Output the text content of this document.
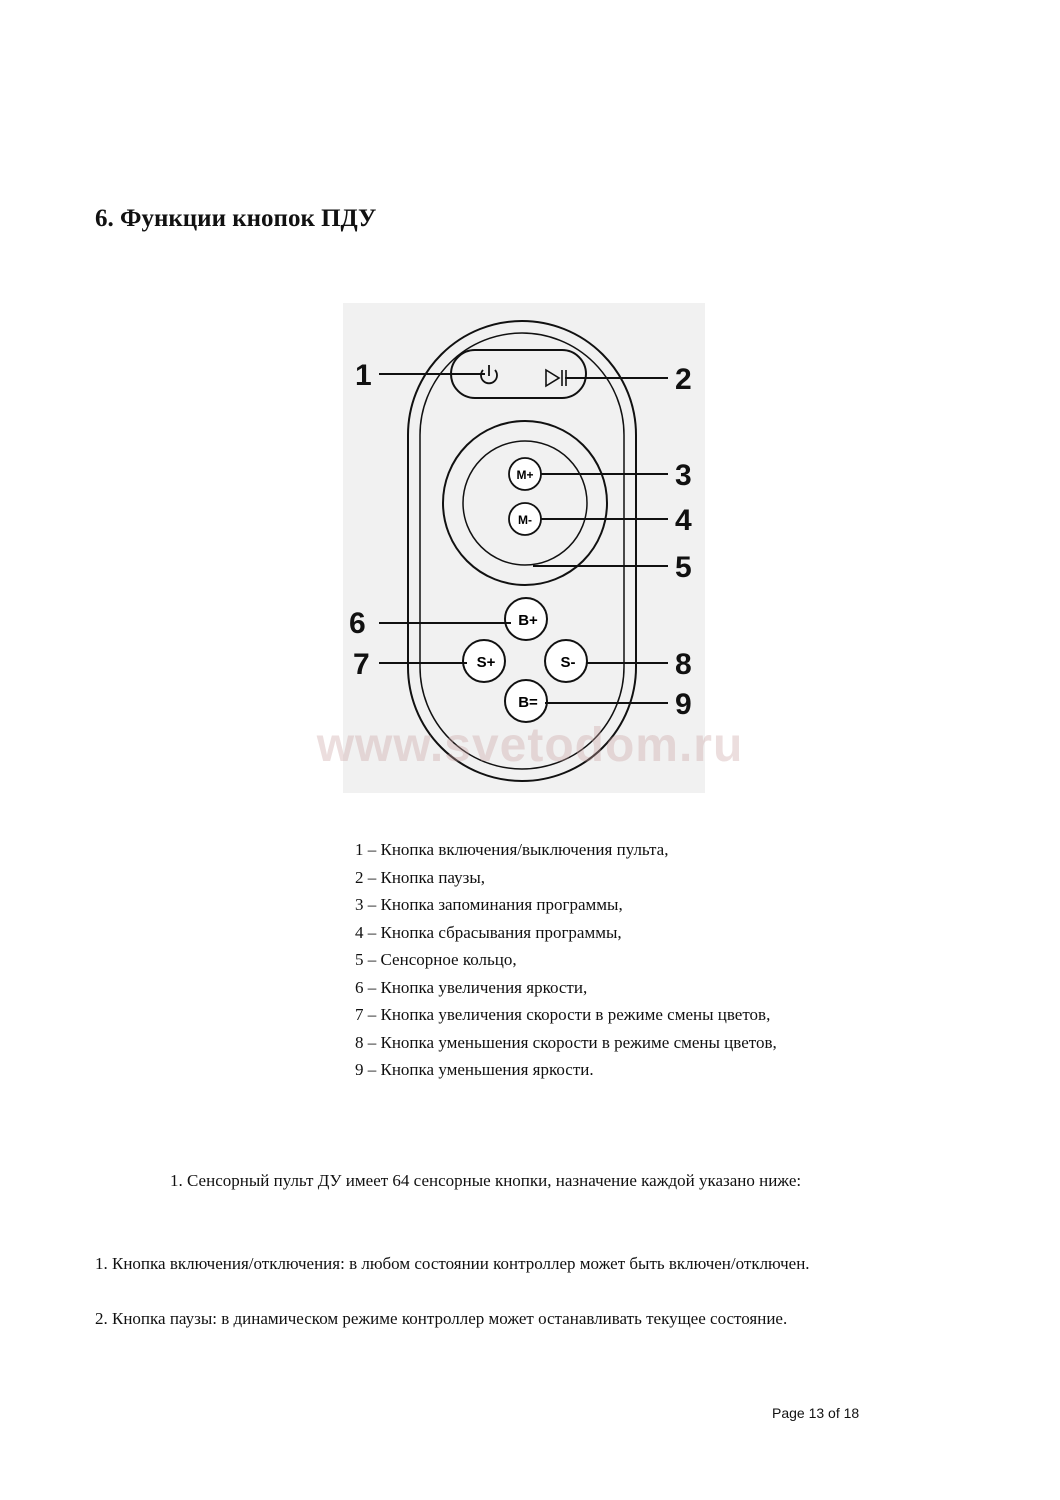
6. Функции кнопок ПДУ
M+
M-
B+
S+	S-
B=
1	2
3
4
5
6
7	8
9
www.svetodom.ru
1 – Кнопка включения/выключения пульта,
2 – Кнопка паузы,
3 – Кнопка запоминания программы,
4 – Кнопка сбрасывания программы,
5 – Сенсорное кольцо,
6 – Кнопка увеличения яркости,
7 – Кнопка увеличения скорости в режиме смены цветов,
8 – Кнопка уменьшения скорости в режиме смены цветов,
9 – Кнопка уменьшения яркости.
1. Сенсорный пульт ДУ имеет 64 сенсорные кнопки, назначение каждой указано ниже:
1. Кнопка включения/отключения: в любом состоянии контроллер может быть включен/отключен.
2. Кнопка паузы: в динамическом режиме контроллер может останавливать текущее состояние.
Page 13 of 18
